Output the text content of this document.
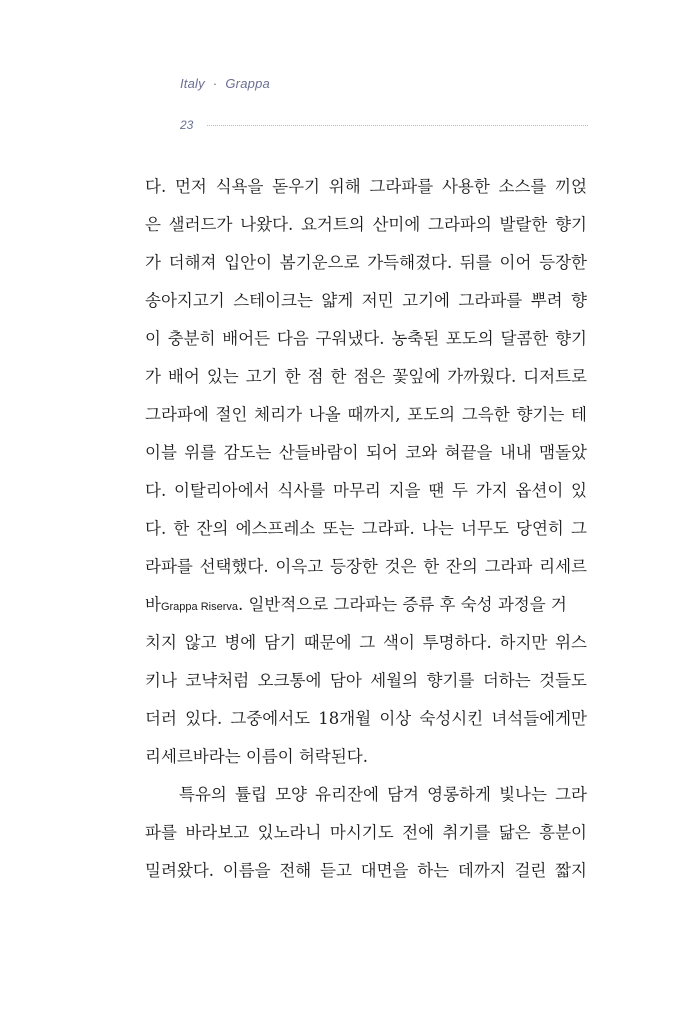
Italy · Grappa
23
다. 먼저 식욕을 돋우기 위해 그라파를 사용한 소스를 끼얹
은 샐러드가 나왔다. 요거트의 산미에 그라파의 발랄한 향기
가 더해져 입안이 봄기운으로 가득해졌다. 뒤를 이어 등장한
송아지고기 스테이크는 얇게 저민 고기에 그라파를 뿌려 향
이 충분히 배어든 다음 구워냈다. 농축된 포도의 달콤한 향기
가 배어 있는 고기 한 점 한 점은 꽃잎에 가까웠다. 디저트로
그라파에 절인 체리가 나올 때까지, 포도의 그윽한 향기는 테
이블 위를 감도는 산들바람이 되어 코와 혀끝을 내내 맴돌았
다. 이탈리아에서 식사를 마무리 지을 땐 두 가지 옵션이 있
다. 한 잔의 에스프레소 또는 그라파. 나는 너무도 당연히 그
라파를 선택했다. 이윽고 등장한 것은 한 잔의 그라파 리세르
바Grappa Riserva. 일반적으로 그라파는 증류 후 숙성 과정을 거
치지 않고 병에 담기 때문에 그 색이 투명하다. 하지만 위스
키나 코냑처럼 오크통에 담아 세월의 향기를 더하는 것들도
더러 있다. 그중에서도 18개월 이상 숙성시킨 녀석들에게만
리세르바라는 이름이 허락된다.
특유의 튤립 모양 유리잔에 담겨 영롱하게 빛나는 그라
파를 바라보고 있노라니 마시기도 전에 취기를 닮은 흥분이
밀려왔다. 이름을 전해 듣고 대면을 하는 데까지 걸린 짧지
